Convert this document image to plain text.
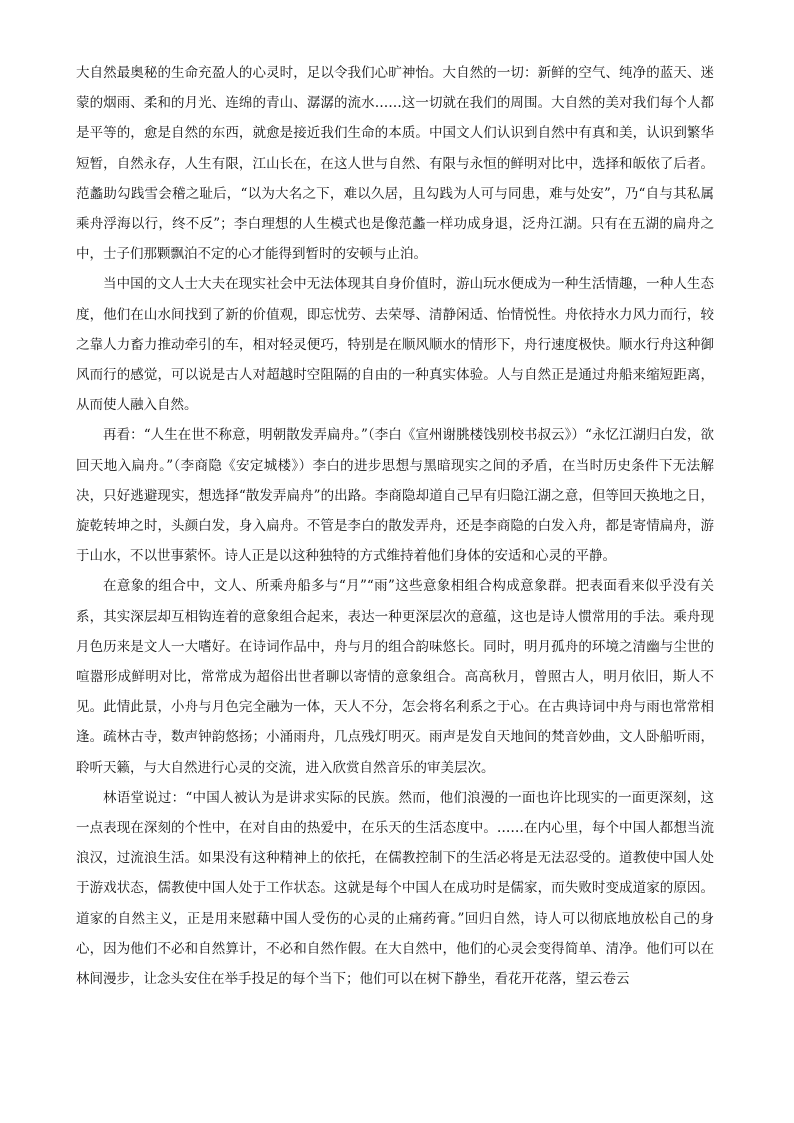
大自然最奥秘的生命充盈人的心灵时，足以令我们心旷神怡。大自然的一切：新鲜的空气、纯净的蓝天、迷蒙的烟雨、柔和的月光、连绵的青山、潺潺的流水……这一切就在我们的周围。大自然的美对我们每个人都是平等的，愈是自然的东西，就愈是接近我们生命的本质。中国文人们认识到自然中有真和美，认识到繁华短暂，自然永存，人生有限，江山长在，在这人世与自然、有限与永恒的鲜明对比中，选择和皈依了后者。范蠡助勾践雪会稽之耻后，“以为大名之下，难以久居，且勾践为人可与同患，难与处安”，乃“自与其私属乘舟浮海以行，终不反”；李白理想的人生模式也是像范蠡一样功成身退，泛舟江湖。只有在五湖的扁舟之中，士子们那颗飘泊不定的心才能得到暂时的安顿与止泊。

当中国的文人士大夫在现实社会中无法体现其自身价值时，游山玩水便成为一种生活情趣，一种人生态度，他们在山水间找到了新的价值观，即忘忧劳、去荣辱、清静闲适、怡情悦性。舟依持水力风力而行，较之靠人力畜力推动牵引的车，相对轻灵便巧，特别是在顺风顺水的情形下，舟行速度极快。顺水行舟这种御风而行的感觉，可以说是古人对超越时空阻隔的自由的一种真实体验。人与自然正是通过舟船来缩短距离，从而使人融入自然。

再看：“人生在世不称意，明朝散发弄扁舟。”（李白《宣州谢朓楼饯别校书叔云》）“永忆江湖归白发，欲回天地入扁舟。”（李商隐《安定城楼》）李白的进步思想与黑暗现实之间的矛盾，在当时历史条件下无法解决，只好逃避现实，想选择“散发弄扁舟”的出路。李商隐却道自己早有归隐江湖之意，但等回天换地之日，旋乾转坤之时，头颜白发，身入扁舟。不管是李白的散发弄舟，还是李商隐的白发入舟，都是寄情扁舟，游于山水，不以世事萦怀。诗人正是以这种独特的方式维持着他们身体的安适和心灵的平静。

在意象的组合中，文人、所乘舟船多与“月”“雨”这些意象相组合构成意象群。把表面看来似乎没有关系，其实深层却互相钩连着的意象组合起来，表达一种更深层次的意蕴，这也是诗人惯常用的手法。乘舟现月色历来是文人一大嗜好。在诗词作品中，舟与月的组合韵味悠长。同时，明月孤舟的环境之清幽与尘世的喧嚣形成鲜明对比，常常成为超俗出世者聊以寄情的意象组合。高高秋月，曾照古人，明月依旧，斯人不见。此情此景，小舟与月色完全融为一体，天人不分，怎会将名利系之于心。在古典诗词中舟与雨也常常相逢。疏林古寺，数声钟韵悠扬；小涌雨舟，几点残灯明灭。雨声是发自天地间的梵音妙曲，文人卧船听雨，聆听天籁，与大自然进行心灵的交流，进入欣赏自然音乐的审美层次。

林语堂说过：“中国人被认为是讲求实际的民族。然而，他们浪漫的一面也许比现实的一面更深刻，这一点表现在深刻的个性中，在对自由的热爱中，在乐天的生活态度中。……在内心里，每个中国人都想当流浪汉，过流浪生活。如果没有这种精神上的依托，在儒教控制下的生活必将是无法忍受的。道教使中国人处于游戏状态，儒教使中国人处于工作状态。这就是每个中国人在成功时是儒家，而失败时变成道家的原因。道家的自然主义，正是用来慰藉中国人受伤的心灵的止痛药膏。”回归自然，诗人可以彻底地放松自己的身心，因为他们不必和自然算计，不必和自然作假。在大自然中，他们的心灵会变得简单、清净。他们可以在林间漫步，让念头安住在举手投足的每个当下；他们可以在树下静坐，看花开花落，望云卷云
